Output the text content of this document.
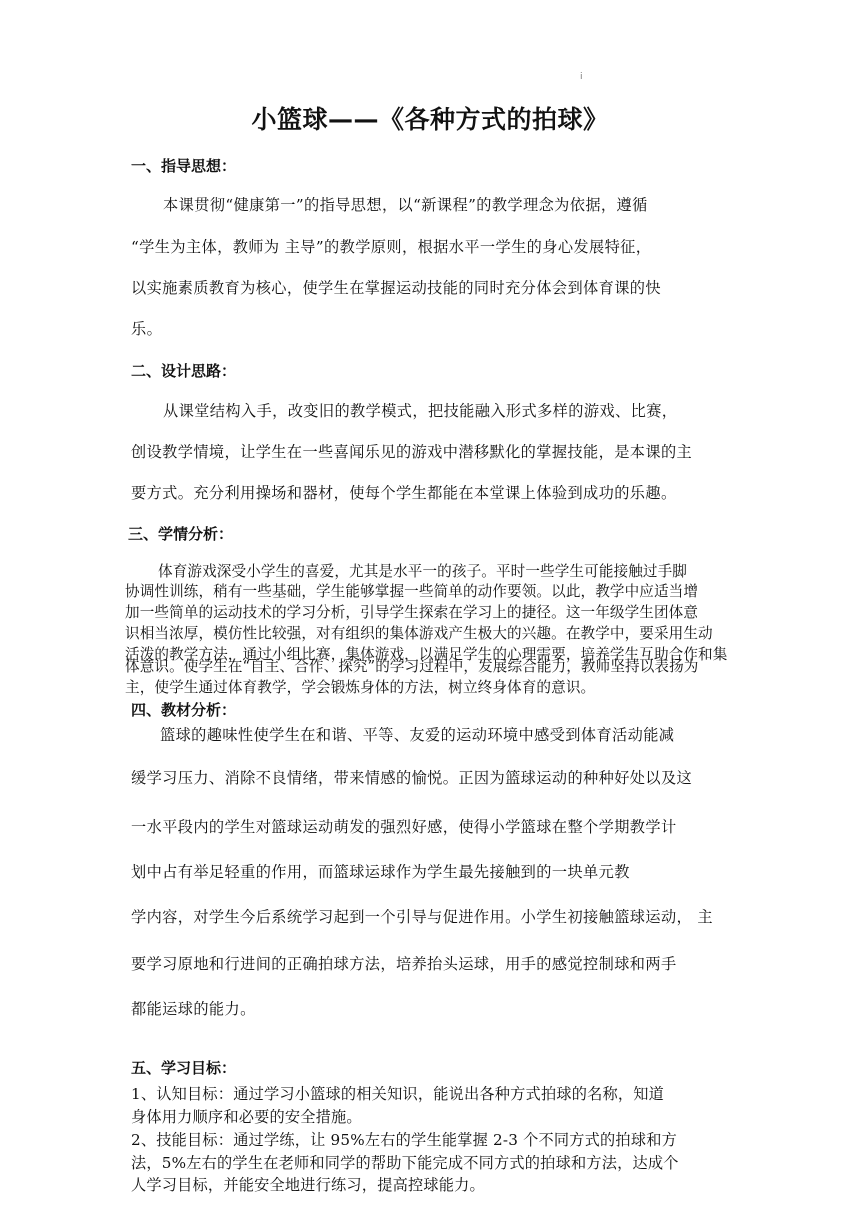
i
小篮球——《各种方式的拍球》
一、指导思想：
本课贯彻“健康第一”的指导思想，以“新课程”的教学理念为依据，遵循
“学生为主体，教师为 主导”的教学原则，根据水平一学生的身心发展特征，
以实施素质教育为核心，使学生在掌握运动技能的同时充分体会到体育课的快
乐。
二、设计思路：
从课堂结构入手，改变旧的教学模式，把技能融入形式多样的游戏、比赛，
创设教学情境，让学生在一些喜闻乐见的游戏中潜移默化的掌握技能，是本课的主
要方式。充分利用操场和器材，使每个学生都能在本堂课上体验到成功的乐趣。
三、学情分析：
体育游戏深受小学生的喜爱，尤其是水平一的孩子。平时一些学生可能接触过手脚
协调性训练，稍有一些基础，学生能够掌握一些简单的动作要领。以此，教学中应适当增
加一些简单的运动技术的学习分析，引导学生探索在学习上的捷径。这一年级学生团体意
识相当浓厚，模仿性比较强，对有组织的集体游戏产生极大的兴趣。在教学中，要采用生动
活泼的教学方法，通过小组比赛，集体游戏，以满足学生的心理需要，培养学生互助合作和集
体意识。使学生在“自主、合作、探究”的学习过程中，发展综合能力，教师坚持以表扬为
主，使学生通过体育教学，学会锻炼身体的方法，树立终身体育的意识。
四、教材分析：
篮球的趣味性使学生在和谐、平等、友爱的运动环境中感受到体育活动能减
缓学习压力、消除不良情绪，带来情感的愉悦。正因为篮球运动的种种好处以及这
一水平段内的学生对篮球运动萌发的强烈好感，使得小学篮球在整个学期教学计
划中占有举足轻重的作用，而篮球运球作为学生最先接触到的一块单元教
学内容，对学生今后系统学习起到一个引导与促进作用。小学生初接触篮球运动， 主
要学习原地和行进间的正确拍球方法，培养抬头运球，用手的感觉控制球和两手
都能运球的能力。
五、学习目标：
1、认知目标：通过学习小篮球的相关知识，能说出各种方式拍球的名称，知道
身体用力顺序和必要的安全措施。
2、技能目标：通过学练，让 95%左右的学生能掌握 2-3 个不同方式的拍球和方
法，5%左右的学生在老师和同学的帮助下能完成不同方式的拍球和方法，达成个
人学习目标，并能安全地进行练习，提高控球能力。
